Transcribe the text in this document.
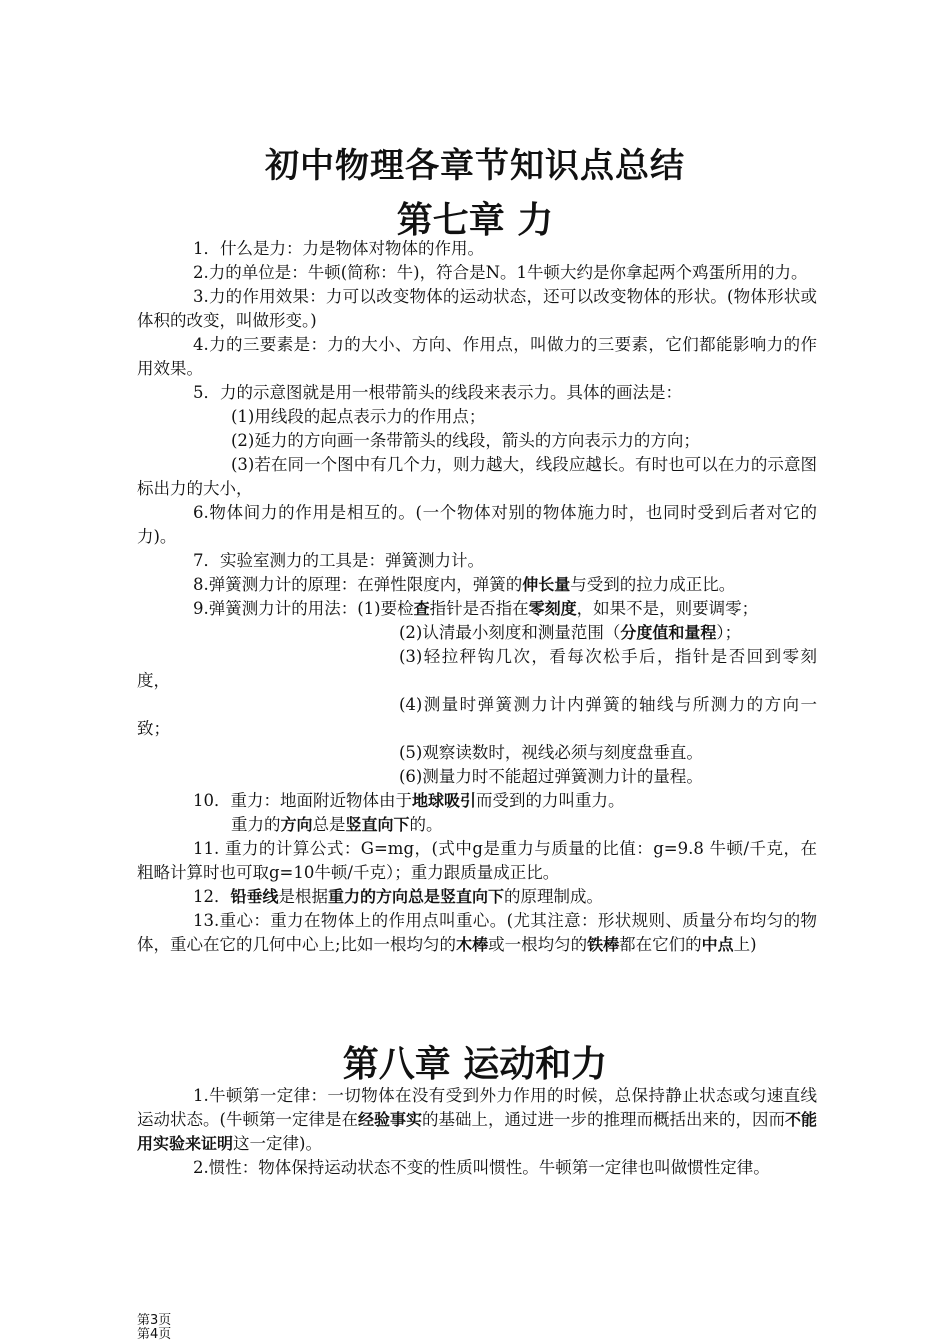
初中物理各章节知识点总结
第七章 力

1．什么是力：力是物体对物体的作用。

2.力的单位是：牛顿(简称：牛)，符合是N。1牛顿大约是你拿起两个鸡蛋所用的力。

3.力的作用效果：力可以改变物体的运动状态，还可以改变物体的形状。(物体形状或体积的改变，叫做形变。)

4.力的三要素是：力的大小、方向、作用点，叫做力的三要素，它们都能影响力的作用效果。

5．力的示意图就是用一根带箭头的线段来表示力。具体的画法是：

(1)用线段的起点表示力的作用点；

(2)延力的方向画一条带箭头的线段，箭头的方向表示力的方向；

(3)若在同一个图中有几个力，则力越大，线段应越长。有时也可以在力的示意图标出力的大小，

6.物体间力的作用是相互的。(一个物体对别的物体施力时，也同时受到后者对它的力)。

7．实验室测力的工具是：弹簧测力计。

8.弹簧测力计的原理：在弹性限度内，弹簧的伸长量与受到的拉力成正比。

9.弹簧测力计的用法：(1)要检查指针是否指在零刻度，如果不是，则要调零；

(2)认清最小刻度和测量范围（分度值和量程）；

(3)轻拉秤钩几次，看每次松手后，指针是否回到零刻度，

(4)测量时弹簧测力计内弹簧的轴线与所测力的方向一致；

(5)观察读数时，视线必须与刻度盘垂直。

(6)测量力时不能超过弹簧测力计的量程。

10．重力：地面附近物体由于地球吸引而受到的力叫重力。

重力的方向总是竖直向下的。

11. 重力的计算公式：G=mg，(式中g是重力与质量的比值：g=9.8 牛顿/千克，在粗略计算时也可取g=10牛顿/千克）；重力跟质量成正比。

12．铅垂线是根据重力的方向总是竖直向下的原理制成。

13.重心：重力在物体上的作用点叫重心。(尤其注意：形状规则、质量分布均匀的物体，重心在它的几何中心上;比如一根均匀的木棒或一根均匀的铁棒都在它们的中点上)

第八章 运动和力

1.牛顿第一定律：一切物体在没有受到外力作用的时候，总保持静止状态或匀速直线运动状态。(牛顿第一定律是在经验事实的基础上，通过进一步的推理而概括出来的，因而不能用实验来证明这一定律)。

2.惯性：物体保持运动状态不变的性质叫惯性。牛顿第一定律也叫做惯性定律。

第3页
第4页
